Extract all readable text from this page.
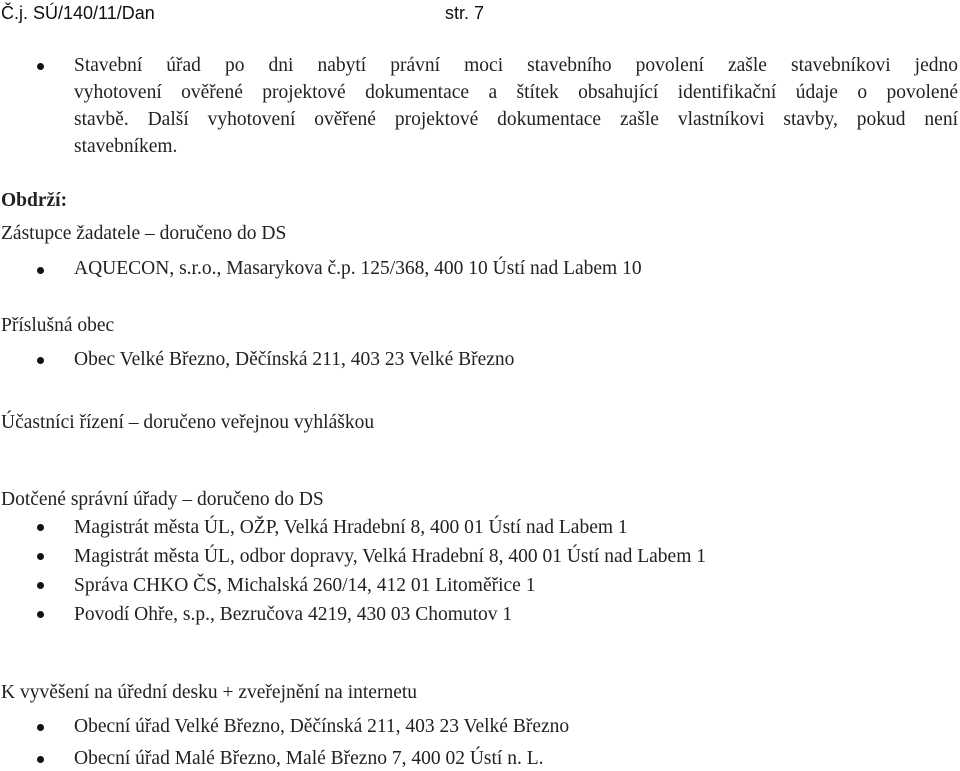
Č.j. SÚ/140/11/Dan	str. 7
Stavební úřad po dni nabytí právní moci stavebního povolení zašle stavebníkovi jedno
vyhotovení ověřené projektové dokumentace a štítek obsahující identifikační údaje o povolené
stavbě. Další vyhotovení ověřené projektové dokumentace zašle vlastníkovi stavby, pokud není
stavebníkem.
Obdrží:
Zástupce žadatele – doručeno do DS
AQUECON, s.r.o., Masarykova č.p. 125/368, 400 10 Ústí nad Labem 10
Příslušná obec
Obec Velké Březno, Děčínská 211, 403 23 Velké Březno
Účastníci řízení – doručeno veřejnou vyhláškou
Dotčené správní úřady – doručeno do DS
Magistrát města ÚL, OŽP, Velká Hradební 8, 400 01 Ústí nad Labem 1
Magistrát města ÚL, odbor dopravy, Velká Hradební 8, 400 01 Ústí nad Labem 1
Správa CHKO ČS, Michalská 260/14, 412 01 Litoměřice 1
Povodí Ohře, s.p., Bezručova 4219, 430 03 Chomutov 1
K vyvěšení na úřední desku + zveřejnění na internetu
Obecní úřad Velké Březno, Děčínská 211, 403 23 Velké Březno
Obecní úřad Malé Březno, Malé Březno 7, 400 02 Ústí n. L.
